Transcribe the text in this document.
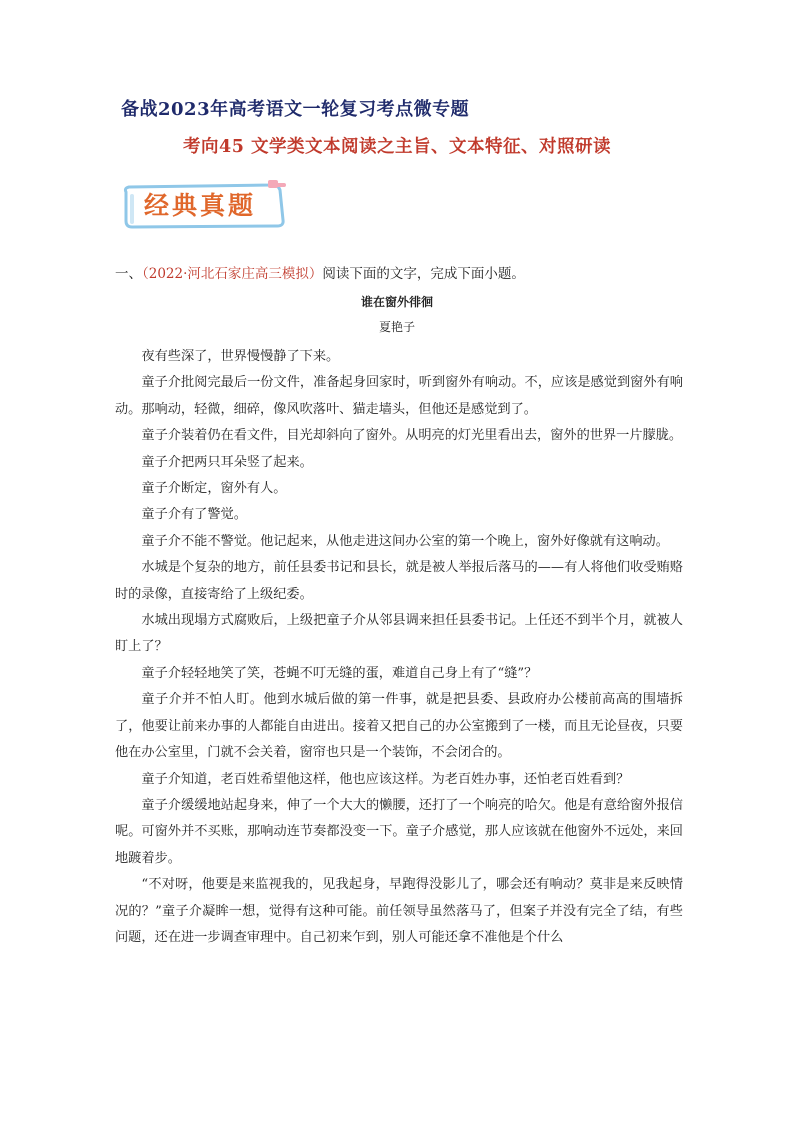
备战2023年高考语文一轮复习考点微专题
考向45 文学类文本阅读之主旨、文本特征、对照研读
经典真题
一、（2022·河北石家庄高三模拟）阅读下面的文字，完成下面小题。
谁在窗外徘徊
夏艳子

夜有些深了，世界慢慢静了下来。

童子介批阅完最后一份文件，准备起身回家时，听到窗外有响动。不，应该是感觉到窗外有响动。那响动，轻微，细碎，像风吹落叶、猫走墙头，但他还是感觉到了。

童子介装着仍在看文件，目光却斜向了窗外。从明亮的灯光里看出去，窗外的世界一片朦胧。

童子介把两只耳朵竖了起来。

童子介断定，窗外有人。

童子介有了警觉。

童子介不能不警觉。他记起来，从他走进这间办公室的第一个晚上，窗外好像就有这响动。

水城是个复杂的地方，前任县委书记和县长，就是被人举报后落马的——有人将他们收受贿赂时的录像，直接寄给了上级纪委。

水城出现塌方式腐败后，上级把童子介从邻县调来担任县委书记。上任还不到半个月，就被人盯上了？

童子介轻轻地笑了笑，苍蝇不叮无缝的蛋，难道自己身上有了“缝”？

童子介并不怕人盯。他到水城后做的第一件事，就是把县委、县政府办公楼前高高的围墙拆了，他要让前来办事的人都能自由进出。接着又把自己的办公室搬到了一楼，而且无论昼夜，只要他在办公室里，门就不会关着，窗帘也只是一个装饰，不会闭合的。

童子介知道，老百姓希望他这样，他也应该这样。为老百姓办事，还怕老百姓看到？

童子介缓缓地站起身来，伸了一个大大的懒腰，还打了一个响亮的哈欠。他是有意给窗外报信呢。可窗外并不买账，那响动连节奏都没变一下。童子介感觉，那人应该就在他窗外不远处，来回地踱着步。

“不对呀，他要是来监视我的，见我起身，早跑得没影儿了，哪会还有响动？莫非是来反映情况的？”童子介凝眸一想，觉得有这种可能。前任领导虽然落马了，但案子并没有完全了结，有些问题，还在进一步调查审理中。自己初来乍到，别人可能还拿不准他是个什么
